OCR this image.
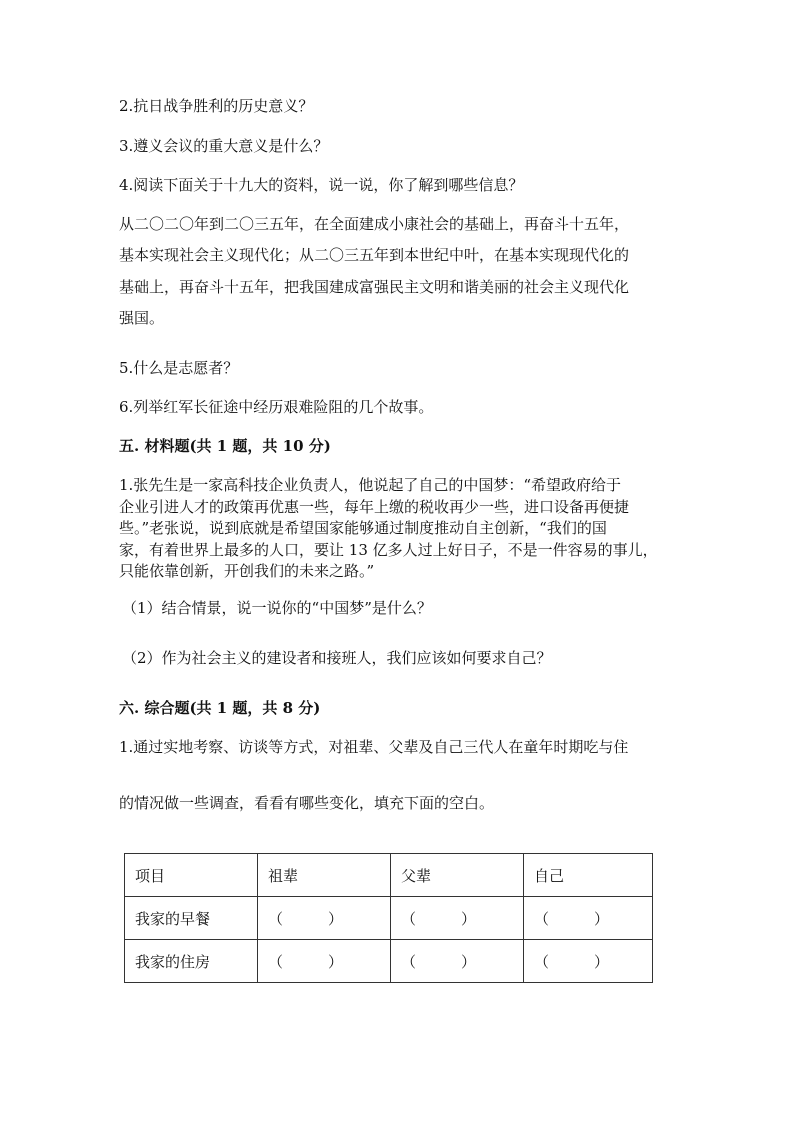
2.抗日战争胜利的历史意义？
3.遵义会议的重大意义是什么？
4.阅读下面关于十九大的资料，说一说，你了解到哪些信息？
从二〇二〇年到二〇三五年，在全面建成小康社会的基础上，再奋斗十五年，
基本实现社会主义现代化；从二〇三五年到本世纪中叶，在基本实现现代化的
基础上，再奋斗十五年，把我国建成富强民主文明和谐美丽的社会主义现代化
强国。
5.什么是志愿者？
6.列举红军长征途中经历艰难险阻的几个故事。
五. 材料题(共 1 题，共 10 分)
1.张先生是一家高科技企业负责人，他说起了自己的中国梦：“希望政府给于
企业引进人才的政策再优惠一些，每年上缴的税收再少一些，进口设备再便捷
些。”老张说，说到底就是希望国家能够通过制度推动自主创新，“我们的国
家，有着世界上最多的人口，要让 13 亿多人过上好日子，不是一件容易的事儿，
只能依靠创新，开创我们的未来之路。”
（1）结合情景，说一说你的“中国梦”是什么？
（2）作为社会主义的建设者和接班人，我们应该如何要求自己？
六. 综合题(共 1 题，共 8 分)
1.通过实地考察、访谈等方式，对祖辈、父辈及自己三代人在童年时期吃与住
的情况做一些调查，看看有哪些变化，填充下面的空白。
项目	祖辈	父辈	自己
我家的早餐	（　　　）	（　　　）	（　　　）
我家的住房	（　　　）	（　　　）	（　　　）
